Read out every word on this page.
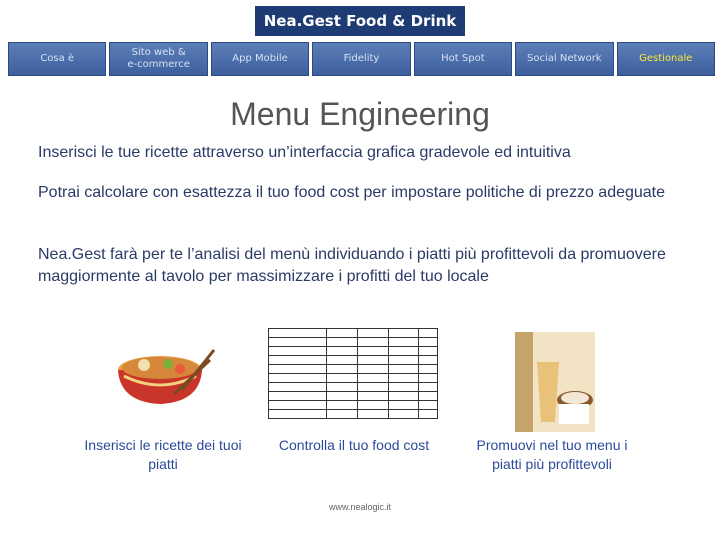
Nea.Gest Food & Drink
Cosa è
Sito web &
e-commerce
App Mobile	Fidelity	Hot Spot	Social Network	Gestionale
Menu Engineering
Inserisci le tue ricette attraverso un’interfaccia grafica gradevole ed intuitiva
Potrai calcolare con esattezza il tuo food cost per impostare politiche di prezzo adeguate
Nea.Gest farà per te l’analisi del menù individuando i piatti più profittevoli da promuovere maggiormente al tavolo per massimizzare i profitti del tuo locale

Inserisci le ricette dei tuoi piatti
Controlla il tuo food cost	Promuovi nel tuo menu i piatti più profittevoli
www.nealogic.it
